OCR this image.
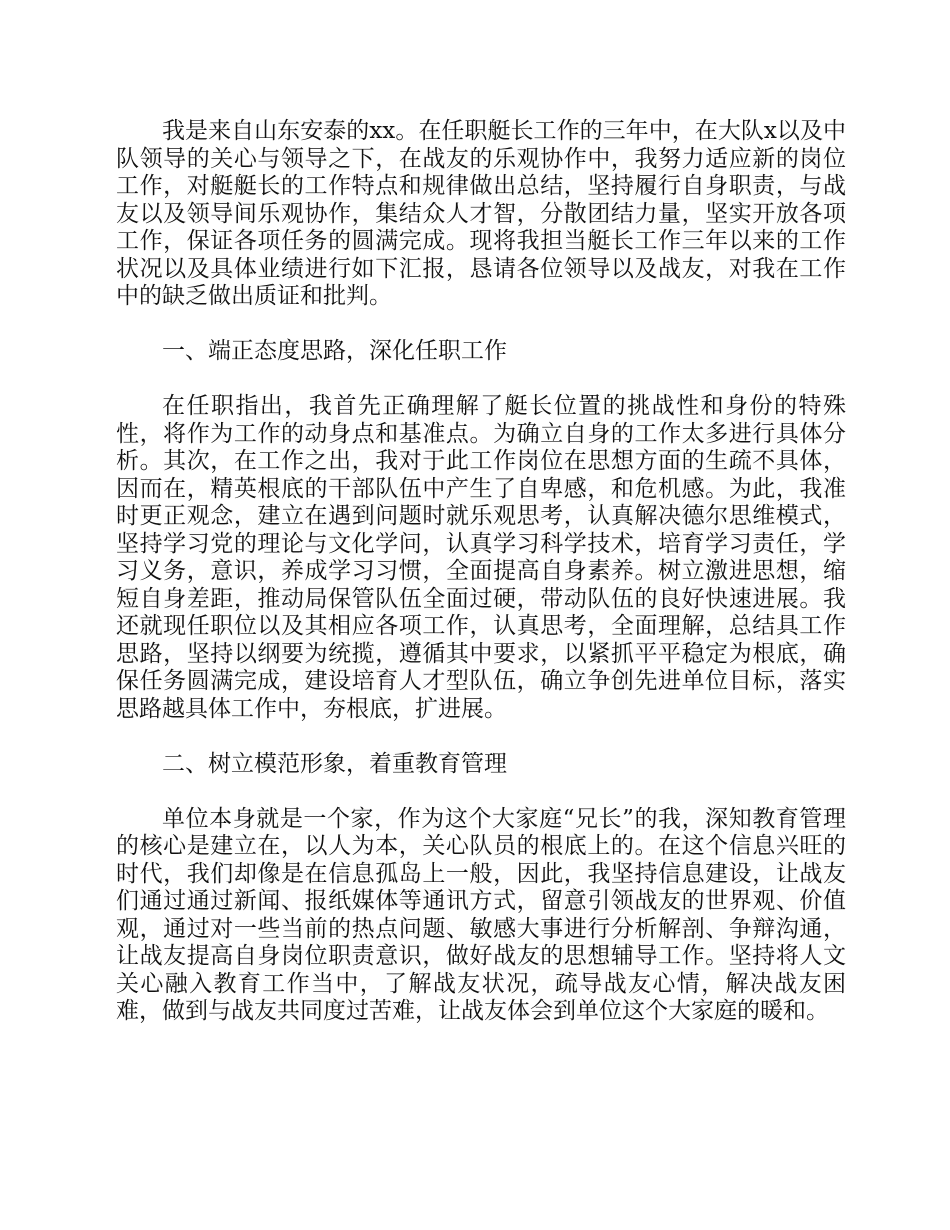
我是来自山东安泰的xx。在任职艇长工作的三年中，在大队x以及中队领导的关心与领导之下，在战友的乐观协作中，我努力适应新的岗位工作，对艇艇长的工作特点和规律做出总结，坚持履行自身职责，与战友以及领导间乐观协作，集结众人才智，分散团结力量，坚实开放各项工作，保证各项任务的圆满完成。现将我担当艇长工作三年以来的工作状况以及具体业绩进行如下汇报，恳请各位领导以及战友，对我在工作中的缺乏做出质证和批判。

一、端正态度思路，深化任职工作

在任职指出，我首先正确理解了艇长位置的挑战性和身份的特殊性，将作为工作的动身点和基准点。为确立自身的工作太多进行具体分析。其次，在工作之出，我对于此工作岗位在思想方面的生疏不具体，因而在，精英根底的干部队伍中产生了自卑感，和危机感。为此，我准时更正观念，建立在遇到问题时就乐观思考，认真解决德尔思维模式，坚持学习党的理论与文化学问，认真学习科学技术，培育学习责任，学习义务，意识，养成学习习惯，全面提高自身素养。树立激进思想，缩短自身差距，推动局保管队伍全面过硬，带动队伍的良好快速进展。我还就现任职位以及其相应各项工作，认真思考，全面理解，总结具工作思路，坚持以纲要为统揽，遵循其中要求，以紧抓平平稳定为根底，确保任务圆满完成，建设培育人才型队伍，确立争创先进单位目标，落实思路越具体工作中，夯根底，扩进展。

二、树立模范形象，着重教育管理

单位本身就是一个家，作为这个大家庭“兄长”的我，深知教育管理的核心是建立在，以人为本，关心队员的根底上的。在这个信息兴旺的时代，我们却像是在信息孤岛上一般，因此，我坚持信息建设，让战友们通过通过新闻、报纸媒体等通讯方式，留意引领战友的世界观、价值观，通过对一些当前的热点问题、敏感大事进行分析解剖、争辩沟通，让战友提高自身岗位职责意识，做好战友的思想辅导工作。坚持将人文关心融入教育工作当中，了解战友状况，疏导战友心情，解决战友困难，做到与战友共同度过苦难，让战友体会到单位这个大家庭的暖和。
